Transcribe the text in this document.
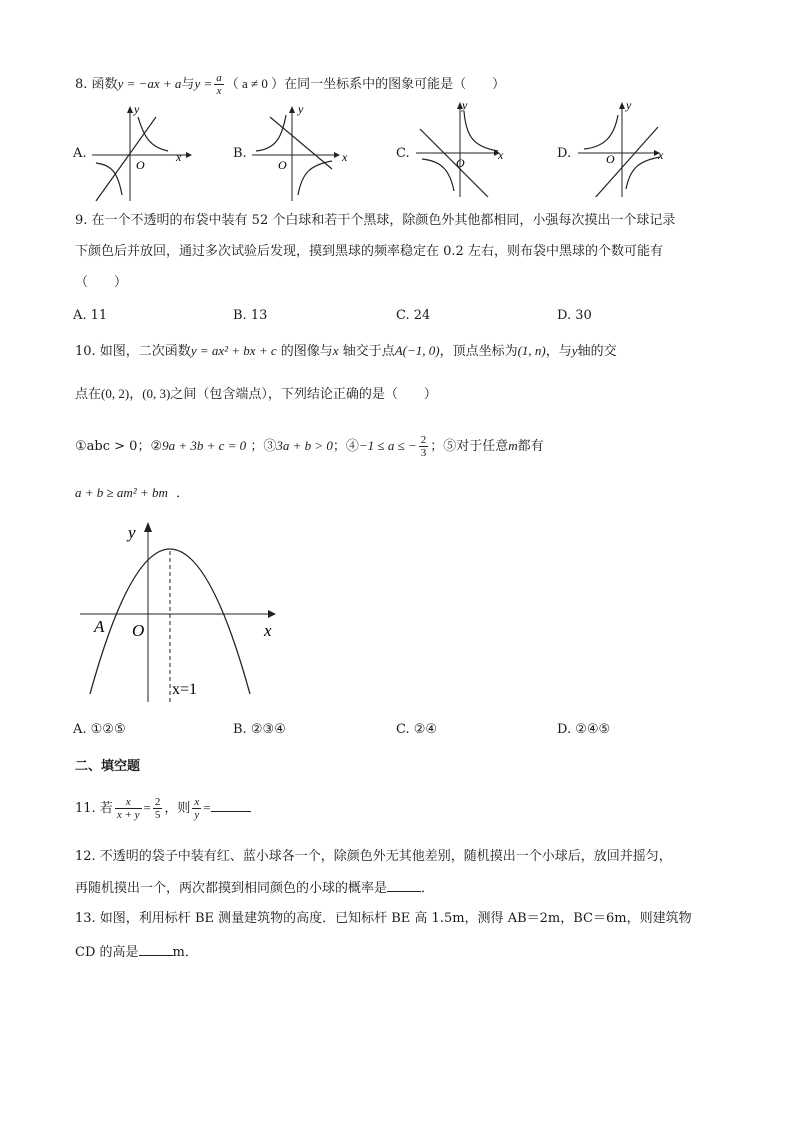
8. 函数y = −ax + a与$y = \frac{a}{x}$ （ a ≠ 0 ）在同一坐标系中的图象可能是（　　）
A.	B.	C.	D.
y
x
O
y
x
O
y
x
O
y
x
O
9. 在一个不透明的布袋中装有 52 个白球和若干个黑球，除颜色外其他都相同，小强每次摸出一个球记录
下颜色后并放回，通过多次试验后发现，摸到黑球的频率稳定在 0.2 左右，则布袋中黑球的个数可能有
（　　）
A. 11	B. 13	C. 24	D. 30
10. 如图，二次函数y = ax² + bx + c 的图像与x 轴交于点A(−1, 0)，顶点坐标为(1, n)，与y轴的交
点在(0, 2)，(0, 3)之间（包含端点），下列结论正确的是（　　）
①abc > 0；②9a + 3b + c = 0 ；③3a + b > 0；④−1 ≤ a ≤ − $\frac{2}{3}$ ；⑤对于任意m都有
a + b ≥ am² + bm ．
y
x
A O
x=1
A. ①②⑤	B. ②③④	C. ②④	D. ②④⑤
二、填空题
11. 若 $\frac{x}{x + y} = \frac{2}{5}$ ，则 $\frac{x}{y}$ =
12. 不透明的袋子中装有红、蓝小球各一个，除颜色外无其他差别，随机摸出一个小球后，放回并摇匀，
再随机摸出一个，两次都摸到相同颜色的小球的概率是	．
13. 如图，利用标杆 BE 测量建筑物的高度．已知标杆 BE 高 1.5m，测得 AB＝2m，BC＝6m，则建筑物
CD 的高是	m．
